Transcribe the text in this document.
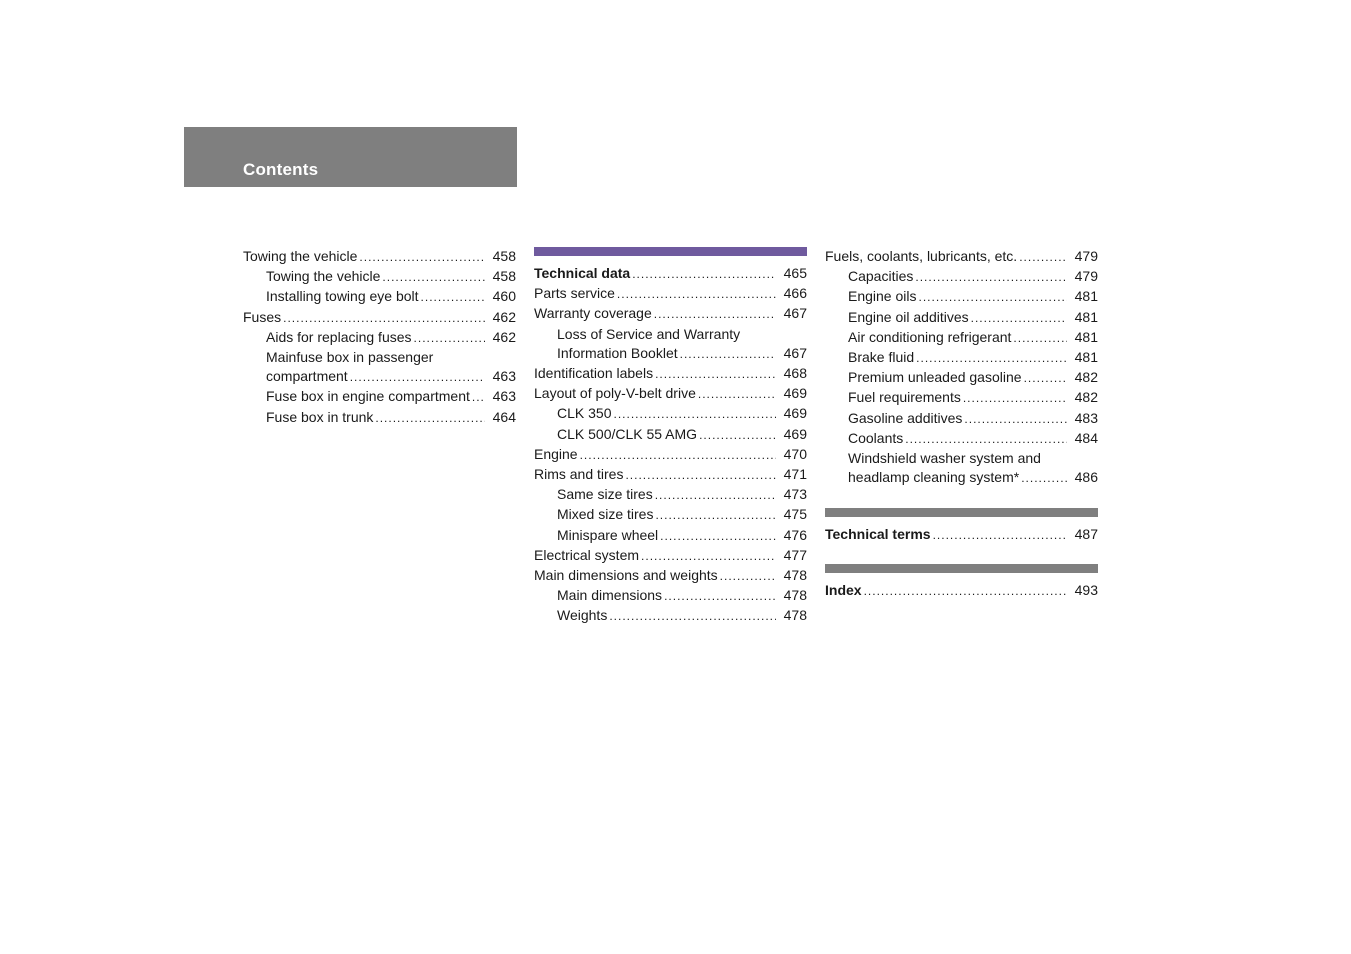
Contents
Towing the vehicle .....	458
Towing the vehicle .....	458
Installing towing eye bolt .....	460
Fuses .....	462
Aids for replacing fuses .....	462
Mainfuse box in passenger
compartment .....	463
Fuse box in engine compartment ..... 463
Fuse box in trunk .....	464
Technical data .....	465
Parts service .....	466
Warranty coverage .....	467
Loss of Service and Warranty
Information Booklet .....	467
Identification labels .....	468
Layout of poly-V-belt drive .....	469
CLK 350 .....	469
CLK 500/CLK 55 AMG .....	469
Engine .....	470
Rims and tires .....	471
Same size tires .....	473
Mixed size tires .....	475
Minispare wheel .....	476
Electrical system .....	477
Main dimensions and weights .....	478
Main dimensions .....	478
Weights .....	478
Fuels, coolants, lubricants, etc. .....	479
Capacities .....	479
Engine oils .....	481
Engine oil additives .....	481
Air conditioning refrigerant .....	481
Brake fluid .....	481
Premium unleaded gasoline .....	482
Fuel requirements .....	482
Gasoline additives .....	483
Coolants .....	484
Windshield washer system and
headlamp cleaning system* .....	486
Technical terms .....	487
Index .....	493
